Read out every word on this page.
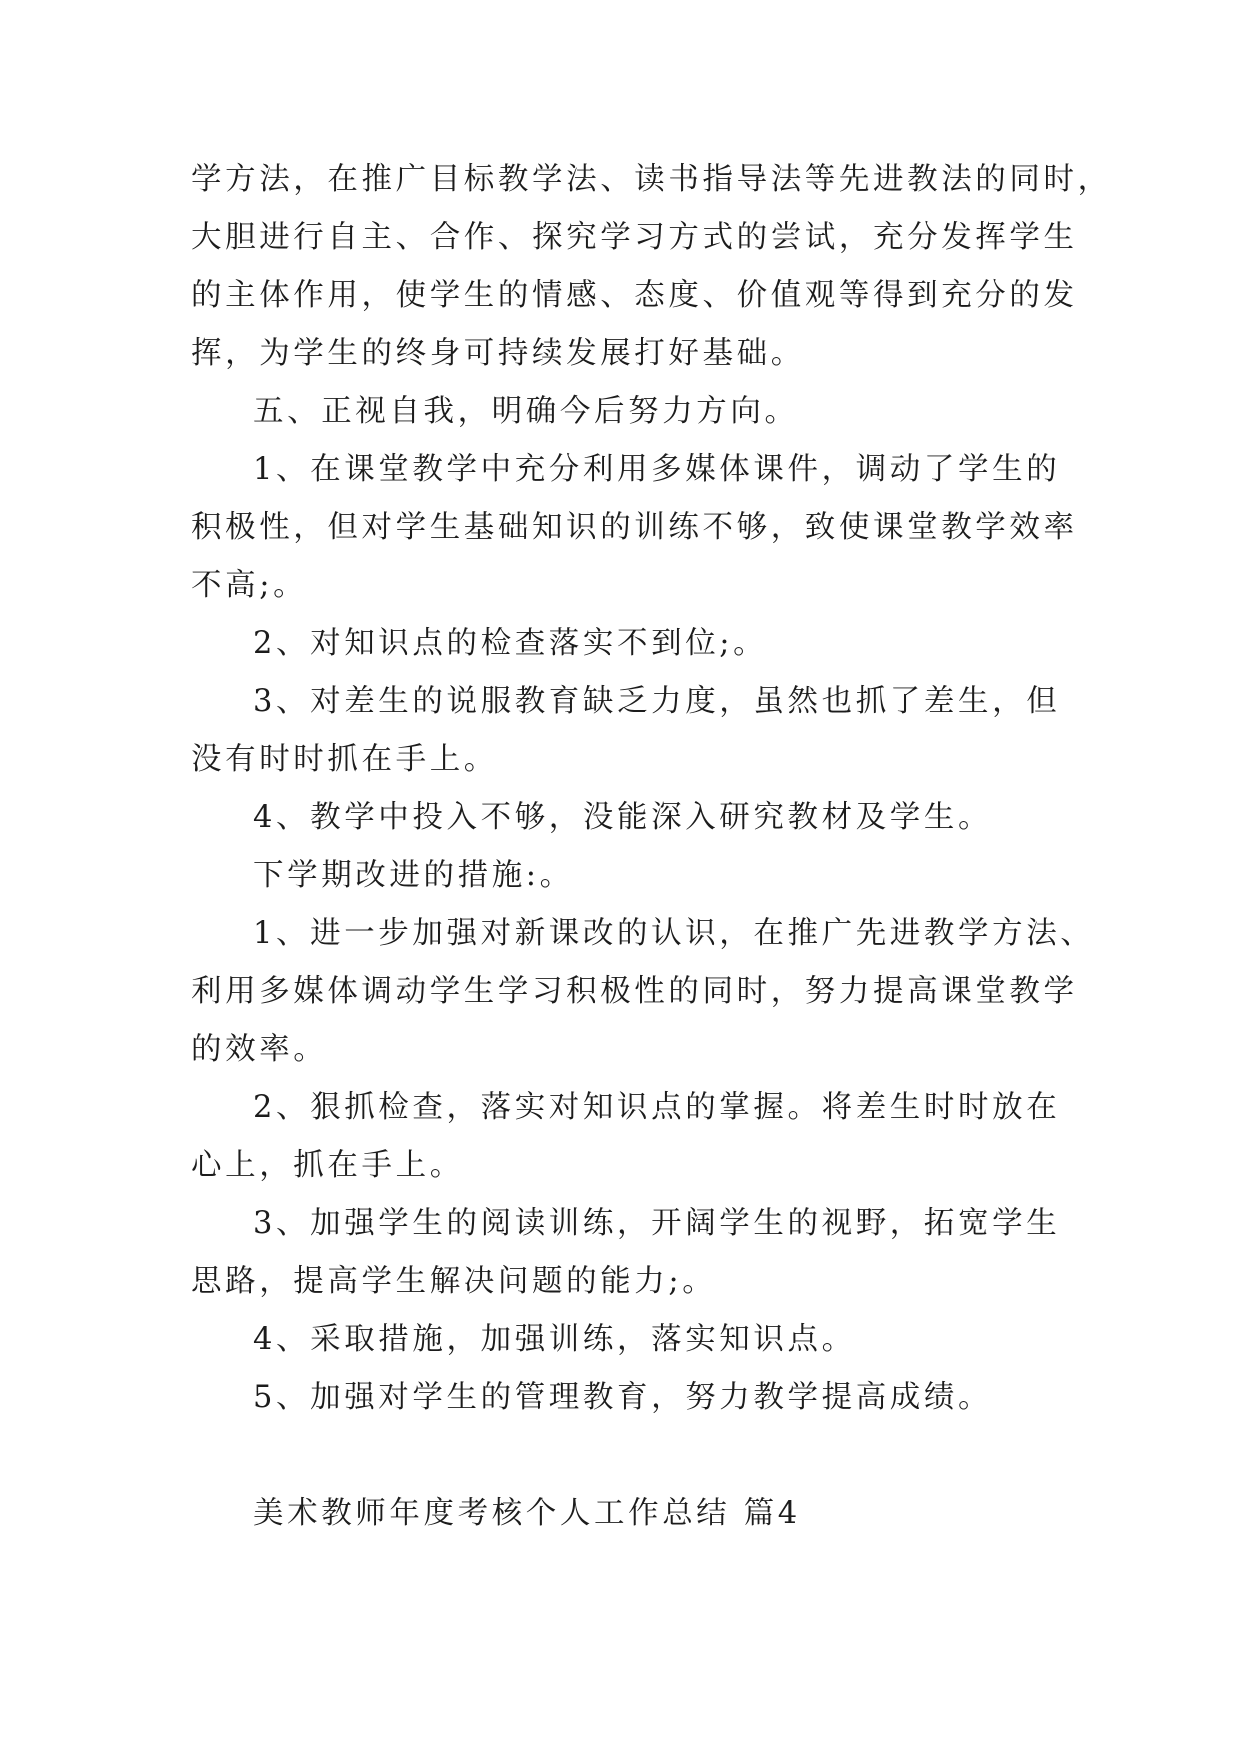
学方法，在推广目标教学法、读书指导法等先进教法的同时，
大胆进行自主、合作、探究学习方式的尝试，充分发挥学生
的主体作用，使学生的情感、态度、价值观等得到充分的发
挥，为学生的终身可持续发展打好基础。
五、正视自我，明确今后努力方向。
1、在课堂教学中充分利用多媒体课件，调动了学生的
积极性，但对学生基础知识的训练不够，致使课堂教学效率
不高;。
2、对知识点的检查落实不到位;。
3、对差生的说服教育缺乏力度，虽然也抓了差生，但
没有时时抓在手上。
4、教学中投入不够，没能深入研究教材及学生。
下学期改进的措施:。
1、进一步加强对新课改的认识，在推广先进教学方法、
利用多媒体调动学生学习积极性的同时，努力提高课堂教学
的效率。
2、狠抓检查，落实对知识点的掌握。将差生时时放在
心上，抓在手上。
3、加强学生的阅读训练，开阔学生的视野，拓宽学生
思路，提高学生解决问题的能力;。
4、采取措施，加强训练，落实知识点。
5、加强对学生的管理教育，努力教学提高成绩。
美术教师年度考核个人工作总结 篇4
